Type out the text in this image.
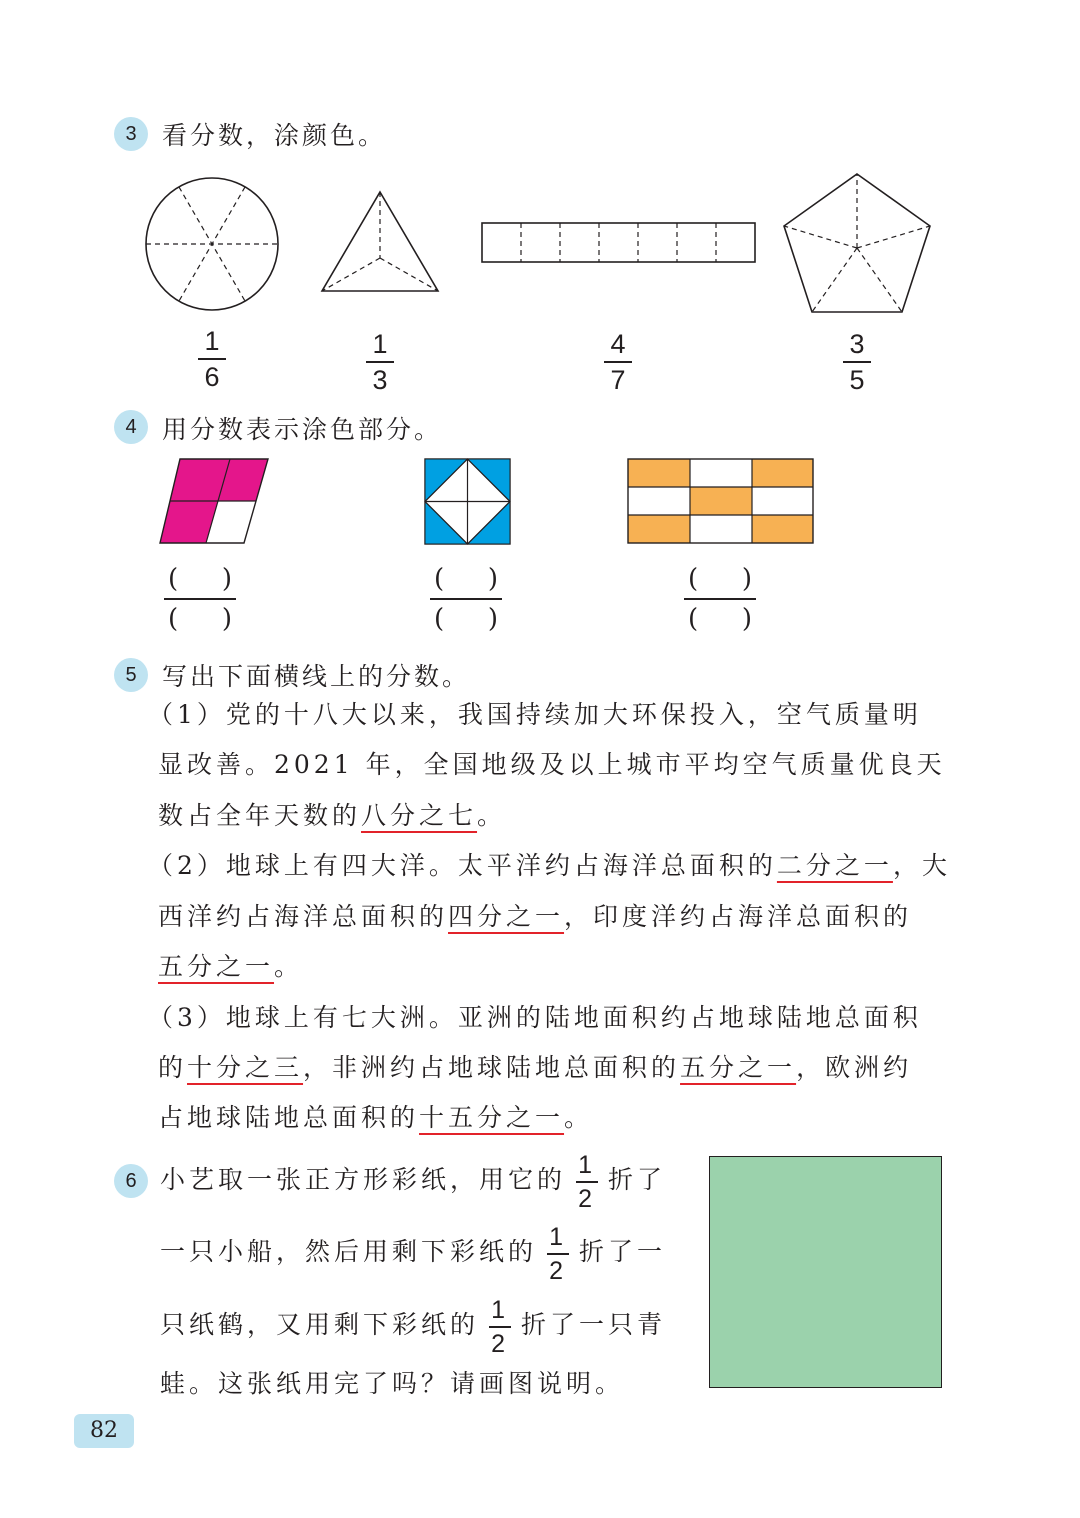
3	看分数，涂颜色。
1
6
1
3
4
7
3
5
4	用分数表示涂色部分。
( )
( )
( )
( )
( )
( )
5	写出下面横线上的分数。
（1）党的十八大以来，我国持续加大环保投入，空气质量明
显改善。2021 年，全国地级及以上城市平均空气质量优良天
数占全年天数的八分之七。
（2）地球上有四大洋。太平洋约占海洋总面积的二分之一，大
西洋约占海洋总面积的四分之一，印度洋约占海洋总面积的
五分之一。
（3）地球上有七大洲。亚洲的陆地面积约占地球陆地总面积
的十分之三，非洲约占地球陆地总面积的五分之一，欧洲约
占地球陆地总面积的十五分之一。
6 小艺取一张正方形彩纸，用它的 $\frac{1}{2}$ 折了
一只小船，然后用剩下彩纸的 $\frac{1}{2}$ 折了一
只纸鹤，又用剩下彩纸的 $\frac{1}{2}$ 折了一只青
蛙。这张纸用完了吗？请画图说明。
82
